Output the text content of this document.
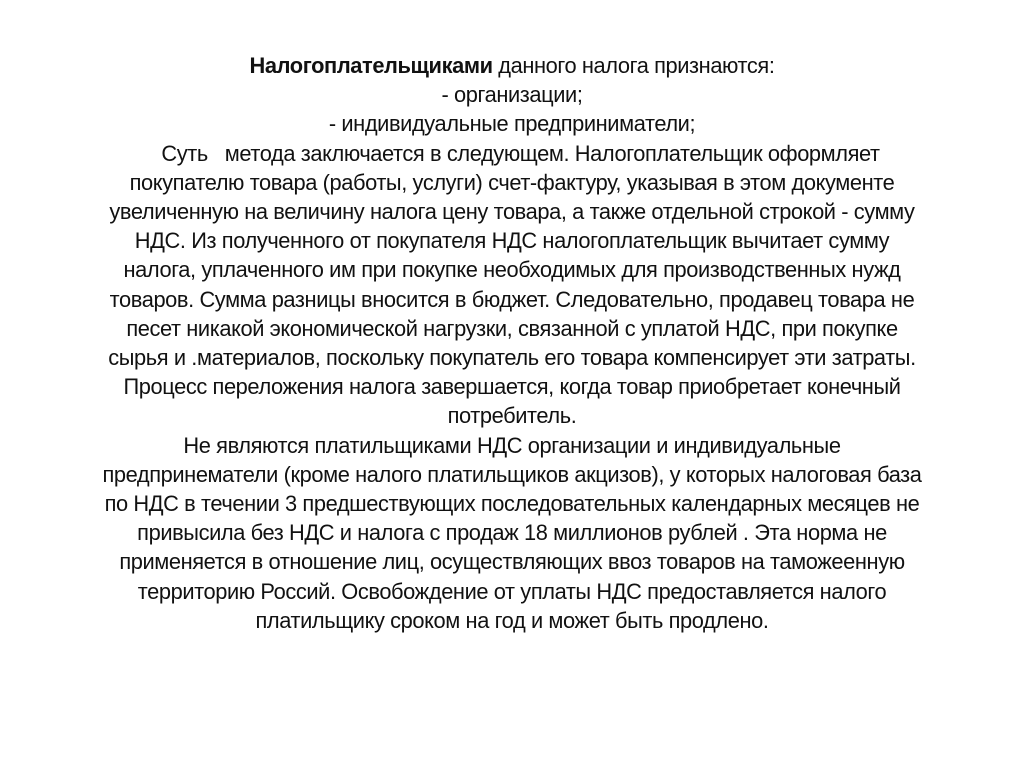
Налогоплательщиками данного налога признаются:
- организации;
- индивидуальные предприниматели;
Суть   метода заключается в следующем. Налогоплательщик оформляет
покупателю товара (работы, услуги) счет-фактуру, указывая в этом документе
увеличенную на величину налога цену товара, а также отдельной строкой - сумму
НДС. Из полученного от покупателя НДС налогоплательщик вычитает сумму
налога, уплаченного им при покупке необходимых для производственных нужд
товаров. Сумма разницы вносится в бюджет. Следовательно, продавец товара не
песет никакой экономической нагрузки, связанной с уплатой НДС, при покупке
сырья и .материалов, поскольку покупатель его товара компенсирует эти затраты.
Процесс переложения налога завершается, когда товар приобретает конечный
потребитель.
Не являются платильщиками НДС организации и индивидуальные
предпринематели (кроме налого платильщиков акцизов), у которых налоговая база
по НДС в течении 3 предшествующих последовательных календарных месяцев не
привысила без НДС и налога с продаж 18 миллионов рублей . Эта норма не
применяется в отношение лиц, осуществляющих ввоз товаров на таможеенную
территорию Россий. Освобождение от уплаты НДС предоставляется налого
платильщику сроком на год и может быть продлено.
